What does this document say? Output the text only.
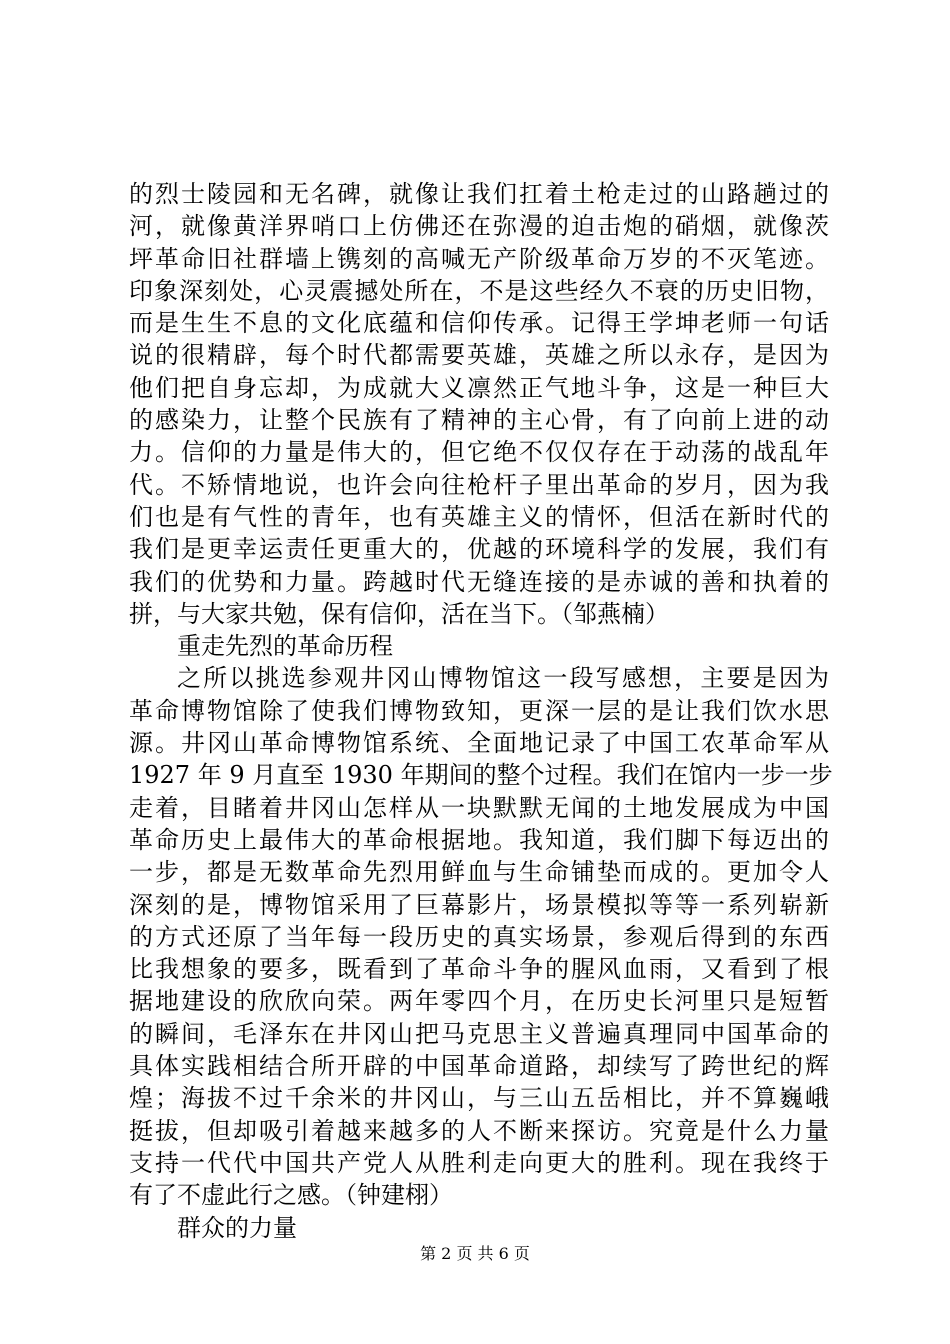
的烈士陵园和无名碑，就像让我们扛着土枪走过的山路趟过的
河，就像黄洋界哨口上仿佛还在弥漫的迫击炮的硝烟，就像茨
坪革命旧社群墙上镌刻的高喊无产阶级革命万岁的不灭笔迹。
印象深刻处，心灵震撼处所在，不是这些经久不衰的历史旧物，
而是生生不息的文化底蕴和信仰传承。记得王学坤老师一句话
说的很精辟，每个时代都需要英雄，英雄之所以永存，是因为
他们把自身忘却，为成就大义凛然正气地斗争，这是一种巨大
的感染力，让整个民族有了精神的主心骨，有了向前上进的动
力。信仰的力量是伟大的，但它绝不仅仅存在于动荡的战乱年
代。不矫情地说，也许会向往枪杆子里出革命的岁月，因为我
们也是有气性的青年，也有英雄主义的情怀，但活在新时代的
我们是更幸运责任更重大的，优越的环境科学的发展，我们有
我们的优势和力量。跨越时代无缝连接的是赤诚的善和执着的
拼，与大家共勉，保有信仰，活在当下。（邹燕楠）
重走先烈的革命历程
之所以挑选参观井冈山博物馆这一段写感想，主要是因为
革命博物馆除了使我们博物致知，更深一层的是让我们饮水思
源。井冈山革命博物馆系统、全面地记录了中国工农革命军从
1927 年 9 月直至 1930 年期间的整个过程。我们在馆内一步一步
走着，目睹着井冈山怎样从一块默默无闻的土地发展成为中国
革命历史上最伟大的革命根据地。我知道，我们脚下每迈出的
一步，都是无数革命先烈用鲜血与生命铺垫而成的。更加令人
深刻的是，博物馆采用了巨幕影片，场景模拟等等一系列崭新
的方式还原了当年每一段历史的真实场景，参观后得到的东西
比我想象的要多，既看到了革命斗争的腥风血雨，又看到了根
据地建设的欣欣向荣。两年零四个月，在历史长河里只是短暂
的瞬间，毛泽东在井冈山把马克思主义普遍真理同中国革命的
具体实践相结合所开辟的中国革命道路，却续写了跨世纪的辉
煌；海拔不过千余米的井冈山，与三山五岳相比，并不算巍峨
挺拔，但却吸引着越来越多的人不断来探访。究竟是什么力量
支持一代代中国共产党人从胜利走向更大的胜利。现在我终于
有了不虚此行之感。（钟建栩）
群众的力量
第 2 页 共 6 页
